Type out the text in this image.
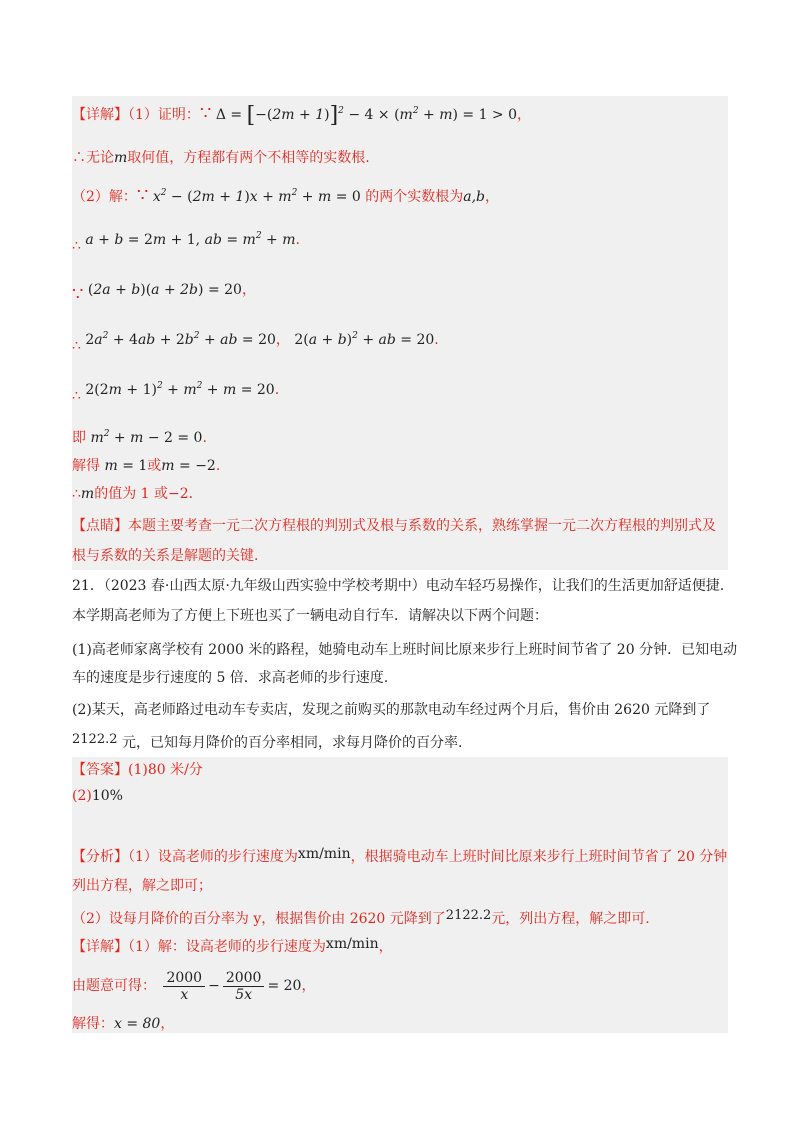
【详解】（1）证明：∵ $\Delta = [-(2m + 1)]^2 - 4 \times (m^2 + m) = 1 > 0$，
∴无论m取何值，方程都有两个不相等的实数根.
（2）解：∵ $x^2 - (2m + 1)x + m^2 + m = 0$ 的两个实数根为a,b，
∴ a + b = 2m + 1, ab = $m^2 + m$.
∵ (2a + b)(a + 2b) = 20，
∴ $2a^2 + 4ab + 2b^2$ + ab = 20， $2(a + b)^2$ + ab = 20.
∴ $2(2m + 1)^2 + m^2 + m = 20$.
即 $m^2 + m - 2 = 0$.
解得 m = 1或m = −2.
∴m的值为 1 或−2．
【点睛】本题主要考查一元二次方程根的判别式及根与系数的关系，熟练掌握一元二次方程根的判别式及
根与系数的关系是解题的关键.
21．（2023 春·山西太原·九年级山西实验中学校考期中）电动车轻巧易操作，让我们的生活更加舒适便捷.
本学期高老师为了方便上下班也买了一辆电动自行车．请解决以下两个问题：
(1)高老师家离学校有 2000 米的路程，她骑电动车上班时间比原来步行上班时间节省了 20 分钟．已知电动
车的速度是步行速度的 5 倍．求高老师的步行速度.
(2)某天，高老师路过电动车专卖店，发现之前购买的那款电动车经过两个月后，售价由 2620 元降到了
2122.2 元，已知每月降价的百分率相同，求每月降价的百分率.
【答案】(1)80 米/分
(2)10%
【分析】（1）设高老师的步行速度为xm/min，根据骑电动车上班时间比原来步行上班时间节省了 20 分钟
列出方程，解之即可；
（2）设每月降价的百分率为 y，根据售价由 2620 元降到了2122.2元，列出方程，解之即可.
【详解】（1）解：设高老师的步行速度为xm/min，
由题意可得： $\frac{2000}{x} - \frac{2000}{5x} = 20$，
解得：x = 80，
